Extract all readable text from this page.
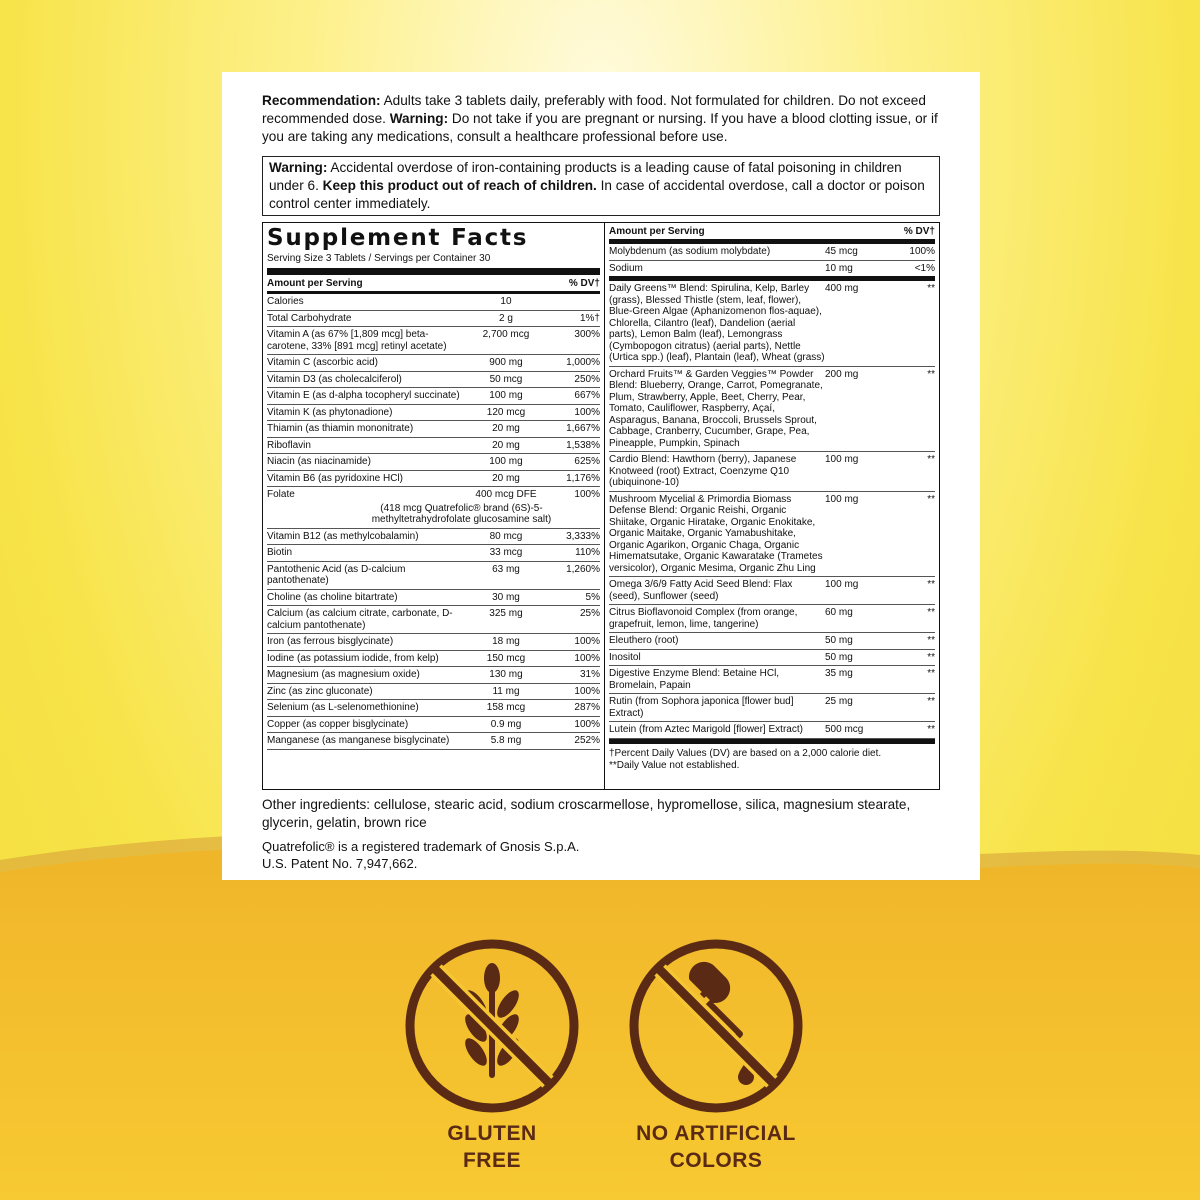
Recommendation: Adults take 3 tablets daily, preferably with food. Not formulated for children. Do not exceed recommended dose. Warning: Do not take if you are pregnant or nursing. If you have a blood clotting issue, or if you are taking any medications, consult a healthcare professional before use.

Warning: Accidental overdose of iron-containing products is a leading cause of fatal poisoning in children under 6. Keep this product out of reach of children. In case of accidental overdose, call a doctor or poison control center immediately.
Supplement Facts
Serving Size 3 Tablets / Servings per Container 30
Amount per Serving	% DV†
Calories	10
Total Carbohydrate	2 g	1%†
Vitamin A (as 67% [1,809 mcg] beta-carotene, 33% [891 mcg] retinyl acetate)
2,700 mcg	300%
Vitamin C (ascorbic acid)	900 mg	1,000%
Vitamin D3 (as cholecalciferol)	50 mcg	250%
Vitamin E (as d-alpha tocopheryl succinate)	100 mg	667%
Vitamin K (as phytonadione)	120 mcg	100%
Thiamin (as thiamin mononitrate)	20 mg	1,667%
Riboflavin	20 mg	1,538%
Niacin (as niacinamide)	100 mg	625%
Vitamin B6 (as pyridoxine HCl)	20 mg	1,176%
Folate	400 mcg DFE	100%
(418 mcg Quatrefolic® brand (6S)-5-methyltetrahydrofolate glucosamine salt)
Vitamin B12 (as methylcobalamin)	80 mcg	3,333%
Biotin	33 mcg	110%
Pantothenic Acid (as D-calcium pantothenate)
63 mg	1,260%
Choline (as choline bitartrate)	30 mg	5%
Calcium (as calcium citrate, carbonate, D-calcium pantothenate)
325 mg	25%
Iron (as ferrous bisglycinate)	18 mg	100%
Iodine (as potassium iodide, from kelp)	150 mcg	100%
Magnesium (as magnesium oxide)	130 mg	31%
Zinc (as zinc gluconate)	11 mg	100%
Selenium (as L-selenomethionine)	158 mcg	287%
Copper (as copper bisglycinate)	0.9 mg	100%
Manganese (as manganese bisglycinate)	5.8 mg	252%
Amount per Serving	% DV†
Molybdenum (as sodium molybdate)	45 mcg	100%
Sodium	10 mg	<1%
Daily Greens™ Blend: Spirulina, Kelp, Barley (grass), Blessed Thistle (stem, leaf, flower), Blue-Green Algae (Aphanizomenon flos-aquae), Chlorella, Cilantro (leaf), Dandelion (aerial parts), Lemon Balm (leaf), Lemongrass (Cymbopogon citratus) (aerial parts), Nettle (Urtica spp.) (leaf), Plantain (leaf), Wheat (grass)
400 mg	**
Orchard Fruits™ & Garden Veggies™ Powder Blend: Blueberry, Orange, Carrot, Pomegranate, Plum, Strawberry, Apple, Beet, Cherry, Pear, Tomato, Cauliflower, Raspberry, Açaí, Asparagus, Banana, Broccoli, Brussels Sprout, Cabbage, Cranberry, Cucumber, Grape, Pea, Pineapple, Pumpkin, Spinach
200 mg	**
Cardio Blend: Hawthorn (berry), Japanese Knotweed (root) Extract, Coenzyme Q10 (ubiquinone-10)
100 mg	**
Mushroom Mycelial & Primordia Biomass Defense Blend: Organic Reishi, Organic Shiitake, Organic Hiratake, Organic Enokitake, Organic Maitake, Organic Yamabushitake, Organic Agarikon, Organic Chaga, Organic Himematsutake, Organic Kawaratake (Trametes versicolor), Organic Mesima, Organic Zhu Ling
100 mg	**
Omega 3/6/9 Fatty Acid Seed Blend: Flax (seed), Sunflower (seed)
100 mg	**
Citrus Bioflavonoid Complex (from orange, grapefruit, lemon, lime, tangerine)
60 mg	**
Eleuthero (root)	50 mg	**
Inositol	50 mg	**
Digestive Enzyme Blend: Betaine HCl, Bromelain, Papain
35 mg	**
Rutin (from Sophora japonica [flower bud] Extract)
25 mg	**
Lutein (from Aztec Marigold [flower] Extract)	500 mcg	**
†Percent Daily Values (DV) are based on a 2,000 calorie diet.
**Daily Value not established.
Other ingredients: cellulose, stearic acid, sodium croscarmellose, hypromellose, silica, magnesium stearate, glycerin, gelatin, brown rice
Quatrefolic® is a registered trademark of Gnosis S.p.A.
U.S. Patent No. 7,947,662.
GLUTEN
FREE
NO ARTIFICIAL
COLORS
